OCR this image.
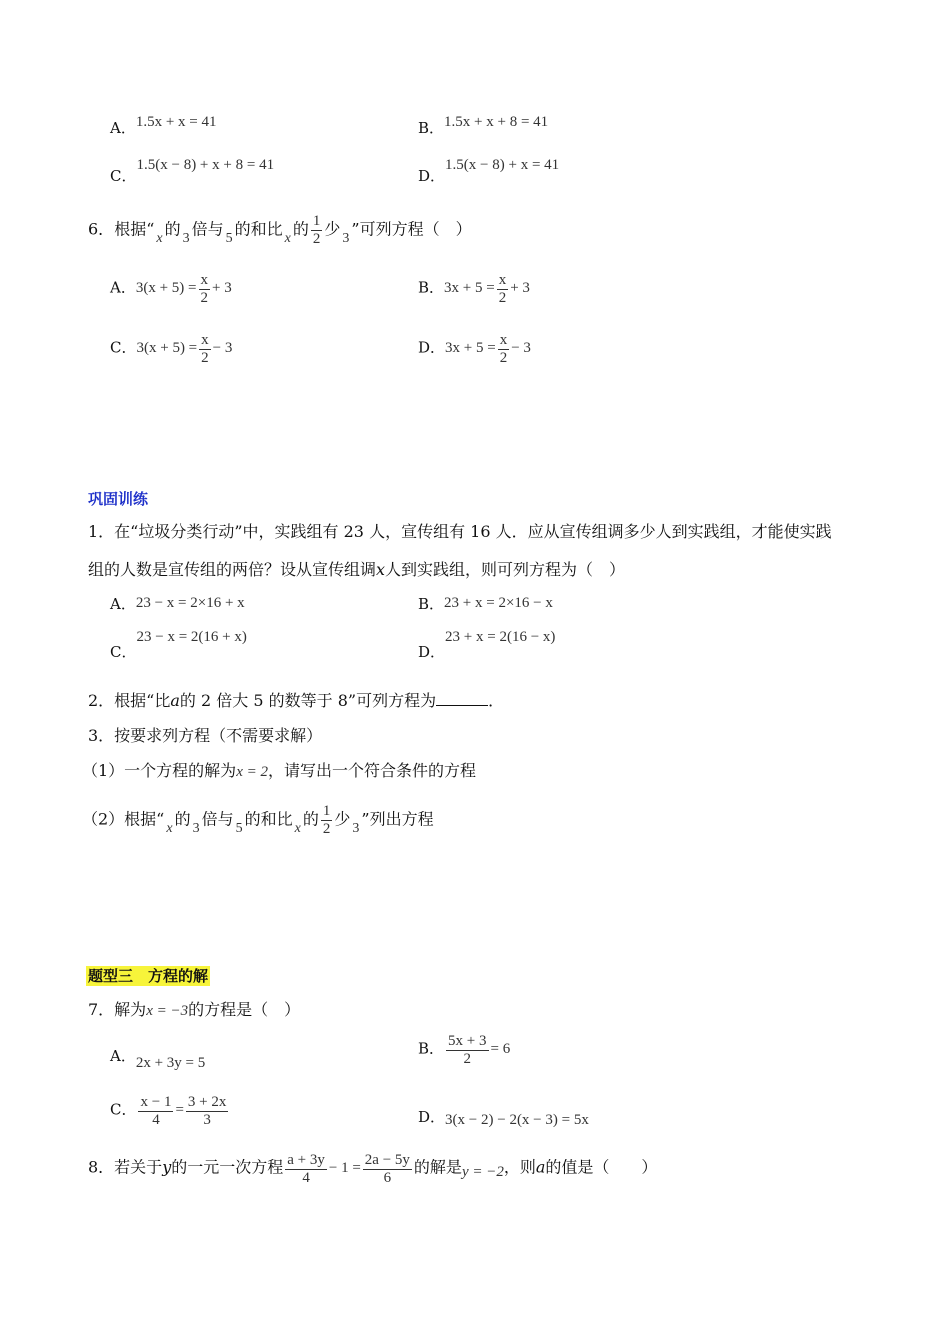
A．1.5x + x = 41	B．1.5x + x + 8 = 41
C．1.5(x − 8) + x + 8 = 41
D．1.5(x − 8) + x = 41
6．根据“ x 的 3 倍与 5 的和比 x 的 $\frac{1}{2}$ 少 3 ”可列方程（　）
A．$3(x + 5) = \frac{x}{2} + 3$	B．$3x + 5 = \frac{x}{2} + 3$
C．$3(x + 5) = \frac{x}{2} - 3$	D．$3x + 5 = \frac{x}{2} - 3$
巩固训练
1．在“垃圾分类行动”中，实践组有 23 人，宣传组有 16 人．应从宣传组调多少人到实践组，才能使实践
组的人数是宣传组的两倍？设从宣传组调x人到实践组，则可列方程为（　）
A．23 − x = 2×16 + x	B．23 + x = 2×16 − x
C．23 − x = 2(16 + x)
D．23 + x = 2(16 − x)
2．根据“比a的 2 倍大 5 的数等于 8”可列方程为	．
3．按要求列方程（不需要求解）
（1）一个方程的解为x = 2，请写出一个符合条件的方程
（2）根据“ x 的 3 倍与 5 的和比 x 的 $\frac{1}{2}$ 少 3 ”列出方程
题型三　方程的解
7．解为x = −3的方程是（　）
A．2x + 3y = 5
B． $\frac{5x + 3}{2} = 6$
C． $\frac{x - 1}{4} = \frac{3 + 2x}{3}$	D．3(x − 2) − 2(x − 3) = 5x
8．若关于y的一元一次方程 $\frac{a + 3y}{4} - 1 = \frac{2a - 5y}{6}$ 的解是y = −2，则a的值是（　　）
